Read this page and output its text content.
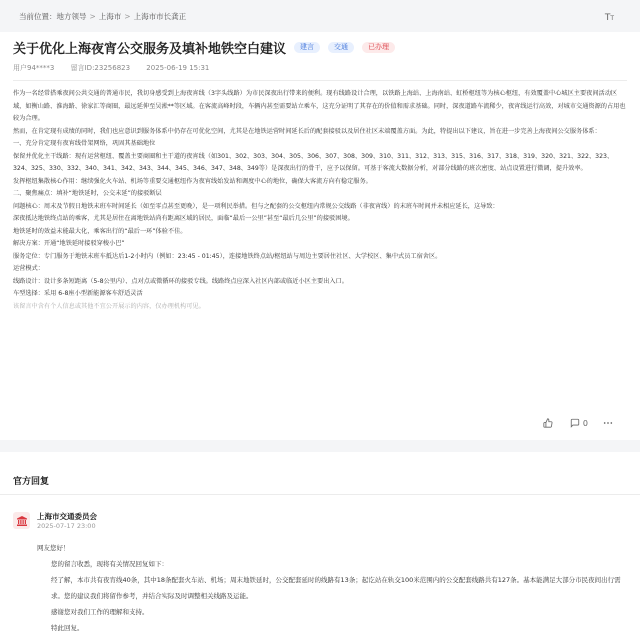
当前位置：地方领导 > 上海市 > 上海市市长龚正	TT
关于优化上海夜宵公交服务及填补地铁空白建议	建言	交通	已办理
用户94****3 留言ID:23256823 2025-06-19 15:31

作为一名经常搭乘夜间公共交通的普通市民，我切身感受到上海夜宵线（3字头线路）为市民深夜出行带来的便利。现有线路设计合理，以铁路上海站、上海南站、虹桥枢纽等为核心枢纽，有效覆盖中心城区主要夜间活动区域，如衡山路、淮海路、徐家汇等商圈，最远延伸至吴淞**等区域。在客流高峰时段，车辆内甚至需要站立乘车，这充分证明了其存在的价值和需求基础。同时，深夜道路车流稀少，夜宵线运行高效，对城市交通资源的占用也较为合理。

然而，在肯定现有成绩的同时，我们也应意识到服务体系中仍存在可优化空间，尤其是在地铁运营时间延长后的配套接驳以及居住社区末端覆盖方面。为此，特提出以下建议，旨在进一步完善上海夜间公交服务体系：

一、充分肯定现有夜宵线骨架网络，巩固其基础地位

保留并优化主干线路：现有运营枢纽、覆盖主要商圈和主干道的夜宵线（如301、302、303、304、305、306、307、308、309、310、311、312、313、315、316、317、318、319、320、321、322、323、324、325、330、332、340、341、342、343、344、345、346、347、348、349等）是深夜出行的骨干，应予以保留。可基于客流大数据分析，对部分线路的班次密度、站点设置进行微调，提升效率。

发挥枢纽集散核心作用：继续强化火车站、机场等重要交通枢纽作为夜宵线始发站和调度中心的地位，确保大客流方向有稳定服务。

二、聚焦痛点：填补“地铁延时，公交未延”的接驳断层

问题核心：周末及节假日地铁末班车时间延长（如至零点甚至更晚），是一项利民举措。但与之配套的公交枢纽内常规公交线路（非夜宵线）的末班车时间并未相应延长，这导致：

深夜抵达地铁终点站的乘客，尤其是居住在离地铁站尚有距离区域的居民，面临“最后一公里”甚至“最后几公里”的接驳困境。

地铁延时的效益未能最大化，乘客出行的“最后一环”体验不佳。

解决方案：开通“地铁延时接驳穿梭小巴”

服务定位：专门服务于地铁末班车抵达后1-2小时内（例如：23:45 - 01:45），连接地铁终点站/枢纽站与周边主要居住社区、大学校区、集中式员工宿舍区。

运营模式：

线路设计：设计多条短距离（5-8公里内）、点对点或微循环的接驳专线。线路终点应深入社区内部或临近小区主要出入口。

车型选择：采用 6-8座小型新能源客车舒适灵活

该留言中含有个人信息或其他不宜公开展示的内容，仅办理机构可见。

0
官方回复
上海市交通委员会
2025-07-17 23:00

网友您好！

您的留言收悉，现将有关情况回复如下：

经了解，本市共有夜宵线40条，其中18条配套火车站、机场；周末地铁延时，公交配套延时的线路有13条；起讫站在轨交100米范围内的公交配套线路共有127条。基本能满足大部分市民夜间出行需求。您的建议我们将留作参考，并结合实际及时调整相关线路及运能。

感谢您对我们工作的理解和支持。

特此回复。
